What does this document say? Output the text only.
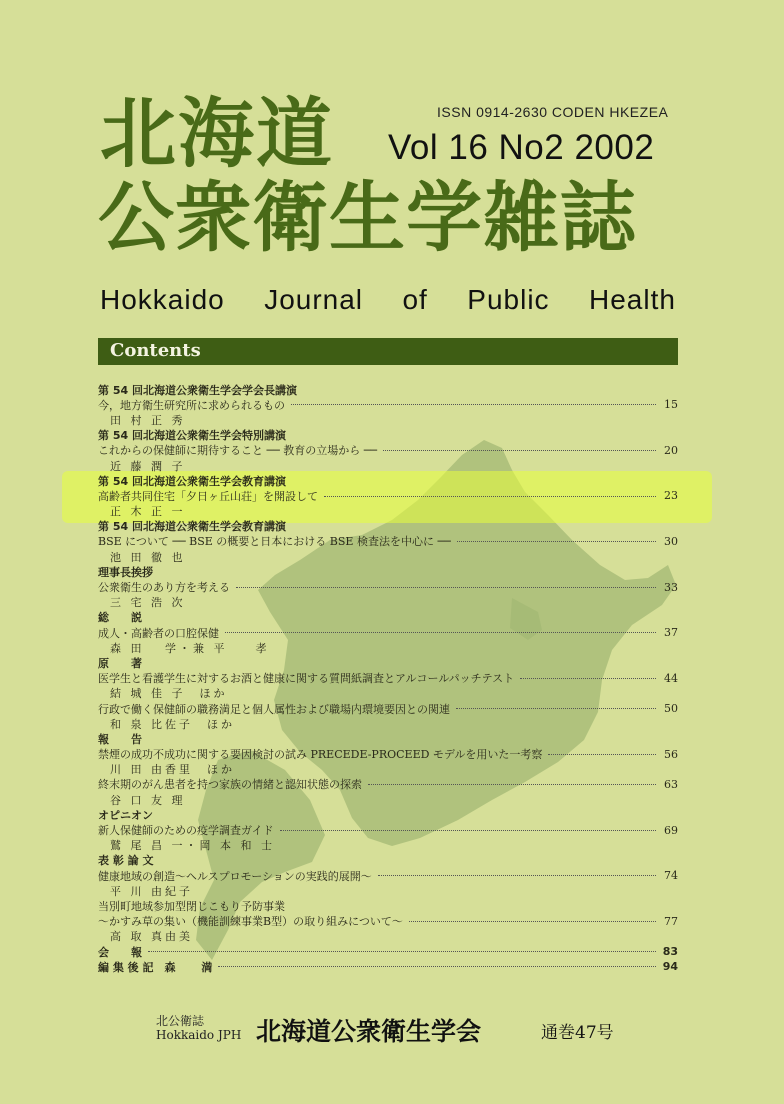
ISSN 0914-2630 CODEN HKEZEA
Vol 16 No2 2002
北海道
公衆衛生学雑誌
Hokkaido Journal of Public Health
Contents
第 54 回北海道公衆衛生学会学会長講演
今，地方衛生研究所に求められるもの	15
田 村 正 秀
第 54 回北海道公衆衛生学会特別講演
これからの保健師に期待すること ── 教育の立場から ──	20
近 藤 潤 子
第 54 回北海道公衆衛生学会教育講演
高齢者共同住宅「夕日ヶ丘山荘」を開設して	23
正 木 正 一
第 54 回北海道公衆衛生学会教育講演
BSE について ── BSE の概要と日本における BSE 検査法を中心に ──	30
池 田 徹 也
理事長挨拶
公衆衛生のあり方を考える	33
三 宅 浩 次
総　　説
成人・高齢者の口腔保健	37
森 田　 学・兼 平　　孝
原　　著
医学生と看護学生に対するお酒と健康に関する質問紙調査とアルコールパッチテスト	44
結 城 佳 子　ほか
行政で働く保健師の職務満足と個人属性および職場内環境要因との関連	50
和 泉 比佐子　ほか
報　　告
禁煙の成功不成功に関する要因検討の試み PRECEDE-PROCEED モデルを用いた一考察	56
川 田 由香里　ほか
終末期のがん患者を持つ家族の情緒と認知状態の探索	63
谷 口 友 理
オピニオン
新人保健師のための疫学調査ガイド	69
鷲 尾 昌 一・岡 本 和 士
表 彰 論 文
健康地域の創造〜ヘルスプロモーションの実践的展開〜	74
平 川 由紀子
当別町地域参加型閉じこもり予防事業
〜かすみ草の集い（機能訓練事業B型）の取り組みについて〜	77
高 取 真由美
会　　報	83
編 集 後 記　森　　 満	94
北公衛誌
Hokkaido JPH 北海道公衆衛生学会	通巻47号
